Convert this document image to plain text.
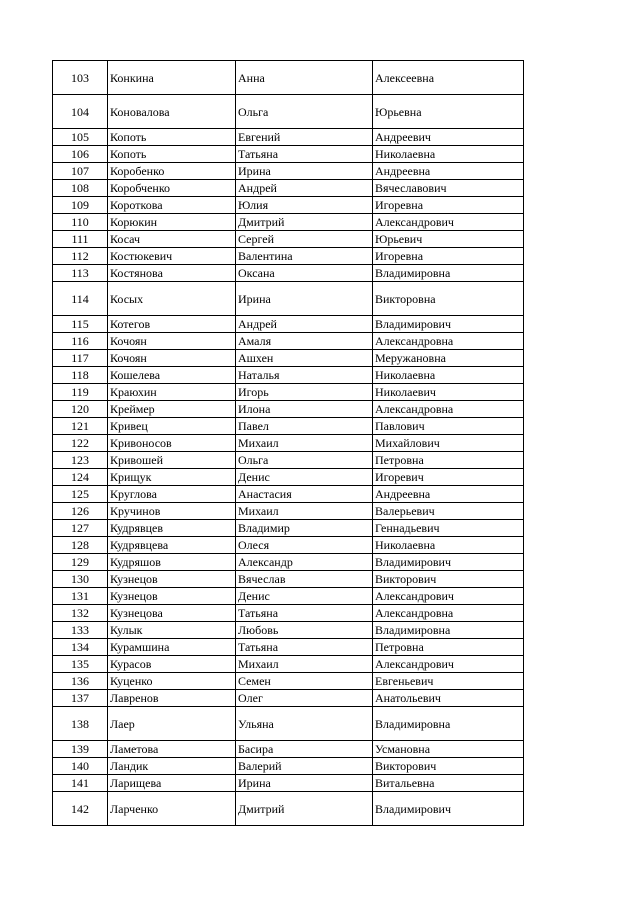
103	Конкина	Анна	Алексеевна
104	Коновалова	Ольга	Юрьевна
105	Копоть	Евгений	Андреевич
106	Копоть	Татьяна	Николаевна
107	Коробенко	Ирина	Андреевна
108	Коробченко	Андрей	Вячеславович
109	Короткова	Юлия	Игоревна
110	Корюкин	Дмитрий	Александрович
111	Косач	Сергей	Юрьевич
112	Костюкевич	Валентина	Игоревна
113	Костянова	Оксана	Владимировна
114	Косых	Ирина	Викторовна
115	Котегов	Андрей	Владимирович
116	Кочоян	Амаля	Александровна
117	Кочоян	Ашхен	Меружановна
118	Кошелева	Наталья	Николаевна
119	Краюхин	Игорь	Николаевич
120	Креймер	Илона	Александровна
121	Кривец	Павел	Павлович
122	Кривоносов	Михаил	Михайлович
123	Кривошей	Ольга	Петровна
124	Крищук	Денис	Игоревич
125	Круглова	Анастасия	Андреевна
126	Кручинов	Михаил	Валерьевич
127	Кудрявцев	Владимир	Геннадьевич
128	Кудрявцева	Олеся	Николаевна
129	Кудряшов	Александр	Владимирович
130	Кузнецов	Вячеслав	Викторович
131	Кузнецов	Денис	Александрович
132	Кузнецова	Татьяна	Александровна
133	Кулык	Любовь	Владимировна
134	Курамшина	Татьяна	Петровна
135	Курасов	Михаил	Александрович
136	Куценко	Семен	Евгеньевич
137	Лавренов	Олег	Анатольевич
138	Лаер	Ульяна	Владимировна
139	Ламетова	Басира	Усмановна
140	Ландик	Валерий	Викторович
141	Ларищева	Ирина	Витальевна
142	Ларченко	Дмитрий	Владимирович
